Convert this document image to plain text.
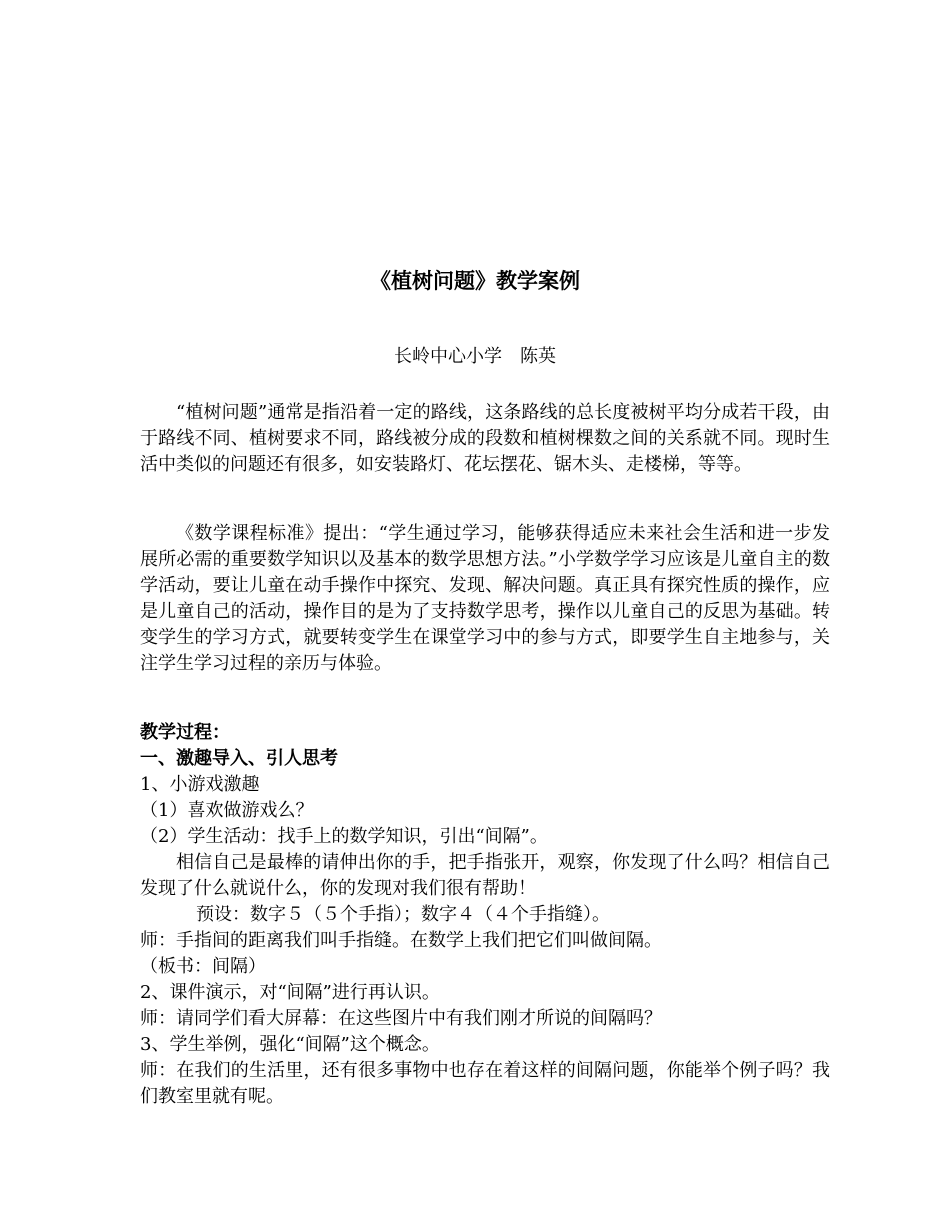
《植树问题》教学案例
长岭中心小学　陈英

“植树问题”通常是指沿着一定的路线，这条路线的总长度被树平均分成若干段，由于路线不同、植树要求不同，路线被分成的段数和植树棵数之间的关系就不同。现时生活中类似的问题还有很多，如安装路灯、花坛摆花、锯木头、走楼梯，等等。

《数学课程标准》提出：“学生通过学习，能够获得适应未来社会生活和进一步发展所必需的重要数学知识以及基本的数学思想方法。”小学数学学习应该是儿童自主的数学活动，要让儿童在动手操作中探究、发现、解决问题。真正具有探究性质的操作，应是儿童自己的活动，操作目的是为了支持数学思考，操作以儿童自己的反思为基础。转变学生的学习方式，就要转变学生在课堂学习中的参与方式，即要学生自主地参与，关注学生学习过程的亲历与体验。

教学过程：

一、激趣导入、引人思考

1、小游戏激趣

（1）喜欢做游戏么？

（2）学生活动：找手上的数学知识，引出“间隔”。

相信自己是最棒的请伸出你的手，把手指张开，观察，你发现了什么吗？相信自己发现了什么就说什么，你的发现对我们很有帮助！

预设：数字５（５个手指）；数字４（４个手指缝）。

师：手指间的距离我们叫手指缝。在数学上我们把它们叫做间隔。

（板书：间隔）

2、课件演示，对“间隔”进行再认识。

师：请同学们看大屏幕：在这些图片中有我们刚才所说的间隔吗？

3、学生举例，强化“间隔”这个概念。

师：在我们的生活里，还有很多事物中也存在着这样的间隔问题，你能举个例子吗？我们教室里就有呢。
